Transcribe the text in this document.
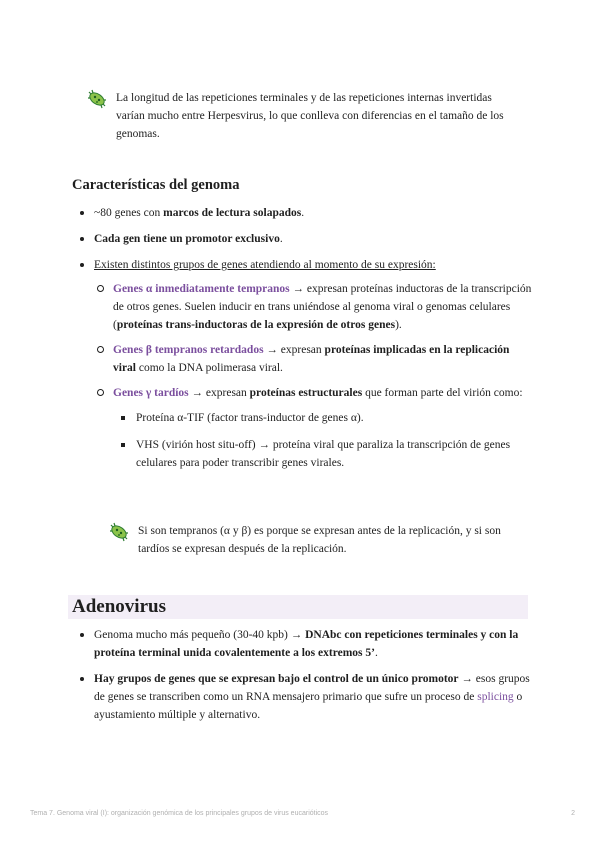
La longitud de las repeticiones terminales y de las repeticiones internas invertidas varían mucho entre Herpesvirus, lo que conlleva con diferencias en el tamaño de los genomas.
Características del genoma
~80 genes con marcos de lectura solapados.
Cada gen tiene un promotor exclusivo.
Existen distintos grupos de genes atendiendo al momento de su expresión:
Genes α inmediatamente tempranos → expresan proteínas inductoras de la transcripción de otros genes. Suelen inducir en trans uniéndose al genoma viral o genomas celulares (proteínas trans-inductoras de la expresión de otros genes).
Genes β tempranos retardados → expresan proteínas implicadas en la replicación viral como la DNA polimerasa viral.
Genes γ tardíos → expresan proteínas estructurales que forman parte del virión como:
Proteína α-TIF (factor trans-inductor de genes α).
VHS (virión host situ-off) → proteína viral que paraliza la transcripción de genes celulares para poder transcribir genes virales.
Si son tempranos (α y β) es porque se expresan antes de la replicación, y si son tardíos se expresan después de la replicación.
Adenovirus
Genoma mucho más pequeño (30-40 kpb) → DNAbc con repeticiones terminales y con la proteína terminal unida covalentemente a los extremos 5’.
Hay grupos de genes que se expresan bajo el control de un único promotor → esos grupos de genes se transcriben como un RNA mensajero primario que sufre un proceso de splicing o ayustamiento múltiple y alternativo.
Tema 7. Genoma viral (I): organización genómica de los principales grupos de virus eucarióticos	2
